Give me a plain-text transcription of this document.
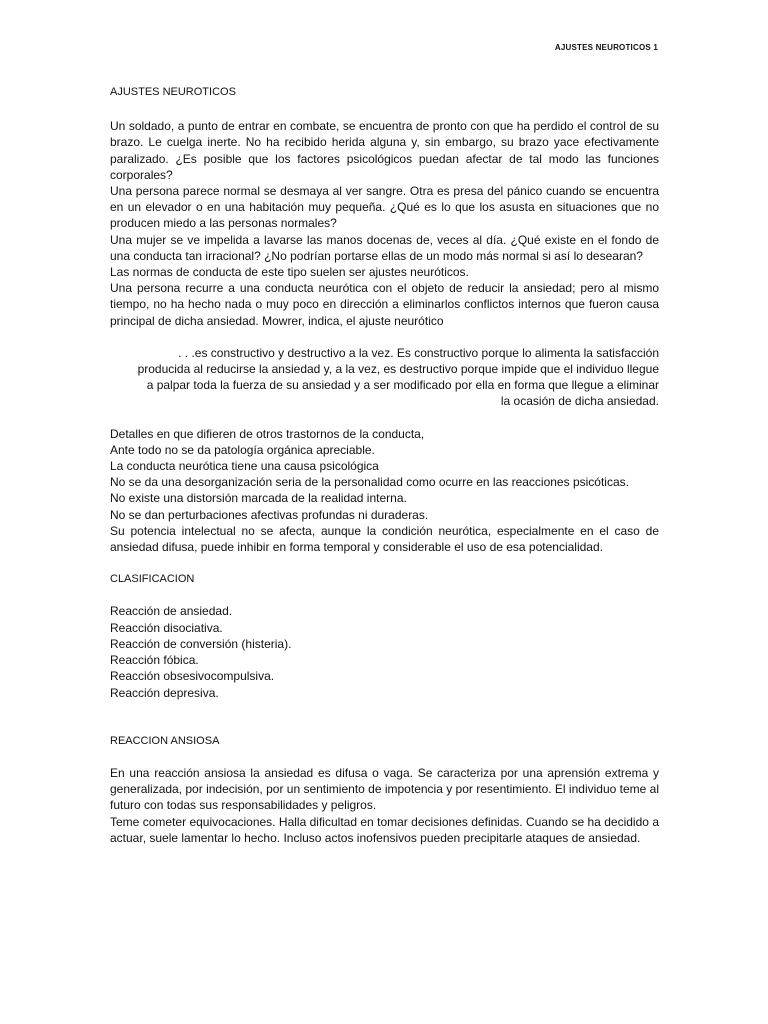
AJUSTES NEUROTICOS 1

AJUSTES NEUROTICOS

Un soldado, a punto de entrar en combate, se encuentra de pronto con que ha perdido el control de su brazo. Le cuelga inerte. No ha recibido herida alguna y, sin embargo, su brazo yace efectivamente paralizado. ¿Es posible que los factores psicológicos puedan afectar de tal modo las funciones corporales?

Una persona parece normal se desmaya al ver sangre. Otra es presa del pánico cuando se encuentra en un elevador o en una habitación muy pequeña. ¿Qué es lo que los asusta en situaciones que no producen miedo a las personas normales?

Una mujer se ve impelida a lavarse las manos docenas de, veces al día. ¿Qué existe en el fondo de una conducta tan irracional? ¿No podrían portarse ellas de un modo más normal si así lo desearan?

Las normas de conducta de este tipo suelen ser ajustes neuróticos.

Una persona recurre a una conducta neurótica con el objeto de reducir la ansiedad; pero al mismo tiempo, no ha hecho nada o muy poco en dirección a eliminarlos conflictos internos que fueron causa principal de dicha ansiedad. Mowrer, indica, el ajuste neurótico

. . .es constructivo y destructivo a la vez. Es constructivo porque lo alimenta la satisfacción producida al reducirse la ansiedad y, a la vez, es destructivo porque impide que el individuo llegue a palpar toda la fuerza de su ansiedad y a ser modificado por ella en forma que llegue a eliminar la ocasión de dicha ansiedad.

Detalles en que difieren de otros trastornos de la conducta,

Ante todo no se da patología orgánica apreciable.

La conducta neurótica tiene una causa psicológica

No se da una desorganización seria de la personalidad como ocurre en las reacciones psicóticas.

No existe una distorsión marcada de la realidad interna.

No se dan perturbaciones afectivas profundas ni duraderas.

Su potencia intelectual no se afecta, aunque la condición neurótica, especialmente en el caso de ansiedad difusa, puede inhibir en forma temporal y considerable el uso de esa potencialidad.

CLASIFICACION

Reacción de ansiedad.

Reacción disociativa.

Reacción de conversión (histeria).

Reacción fóbica.

Reacción obsesivocompulsiva.

Reacción depresiva.

REACCION ANSIOSA

En una reacción ansiosa la ansiedad es difusa o vaga. Se caracteriza por una aprensión extrema y generalizada, por indecisión, por un sentimiento de impotencia y por resentimiento. El individuo teme al futuro con todas sus responsabilidades y peligros.

Teme cometer equivocaciones. Halla dificultad en tomar decisiones definidas. Cuando se ha decidido a actuar, suele lamentar lo hecho. Incluso actos inofensivos pueden precipitarle ataques de ansiedad.
